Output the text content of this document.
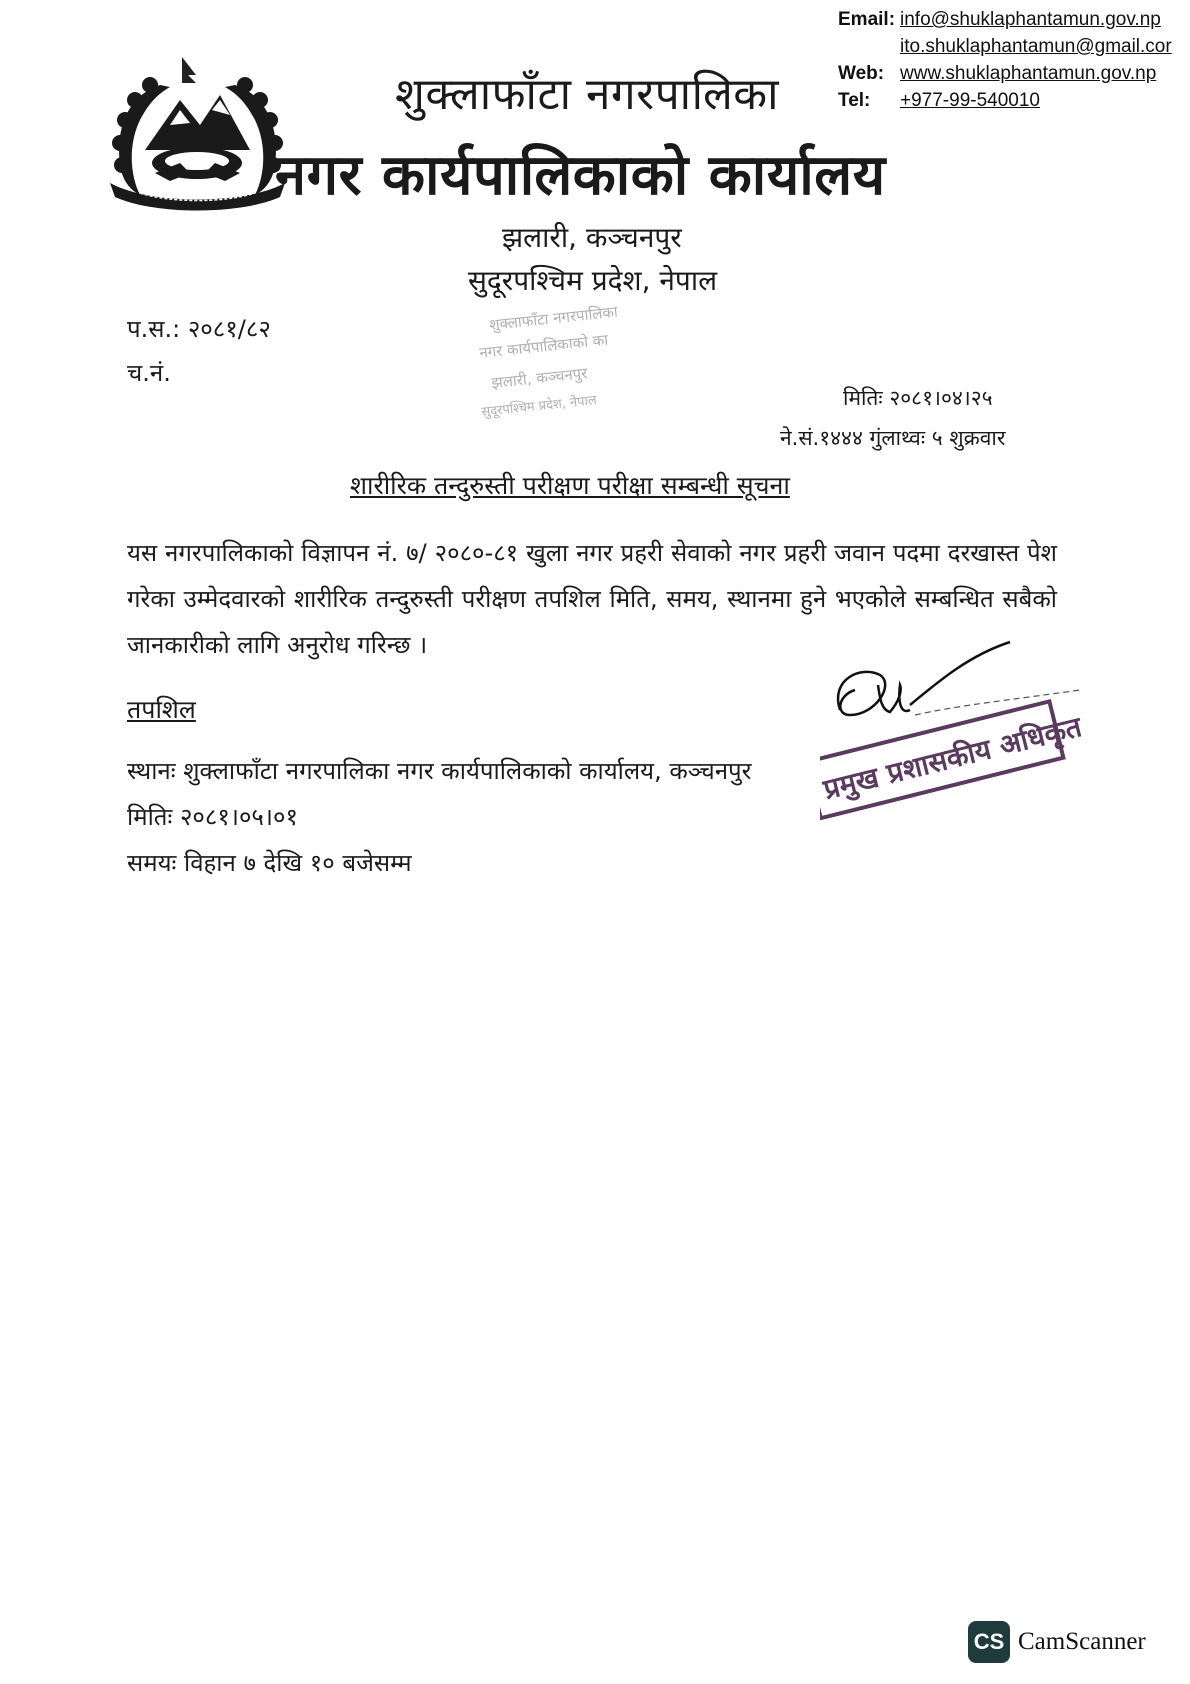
Email: info@shuklaphantamun.gov.np
ito.shuklaphantamun@gmail.cor
Web: www.shuklaphantamun.gov.np
Tel:	+977-99-540010
शुक्लाफाँटा नगरपालिका
नगर कार्यपालिकाको कार्यालय
झलारी, कञ्चनपुर
सुदूरपश्चिम प्रदेश, नेपाल
प.स.: २०८१/८२
च.नं.
शुक्लाफाँटा नगरपालिका
नगर कार्यपालिकाको का
झलारी, कञ्चनपुर
सुदूरपश्चिम प्रदेश, नेपाल	मितिः २०८१।०४।२५
ने.सं.१४४४ गुंलाथ्वः ५ शुक्रवार
शारीरिक तन्दुरुस्ती परीक्षण परीक्षा सम्बन्धी सूचना
यस नगरपालिकाको विज्ञापन नं. ७/ २०८०-८१ खुला नगर प्रहरी सेवाको नगर प्रहरी जवान पदमा दरखास्त पेश गरेका उम्मेदवारको शारीरिक तन्दुरुस्ती परीक्षण तपशिल मिति, समय, स्थानमा हुने भएकोले सम्बन्धित सबैको जानकारीको लागि अनुरोध गरिन्छ ।
तपशिल
स्थानः शुक्लाफाँटा नगरपालिका नगर कार्यपालिकाको कार्यालय, कञ्चनपुर
मितिः २०८१।०५।०१
समयः विहान ७ देखि १० बजेसम्म
प्रमुख प्रशासकीय अधिकृत
CS CamScanner
